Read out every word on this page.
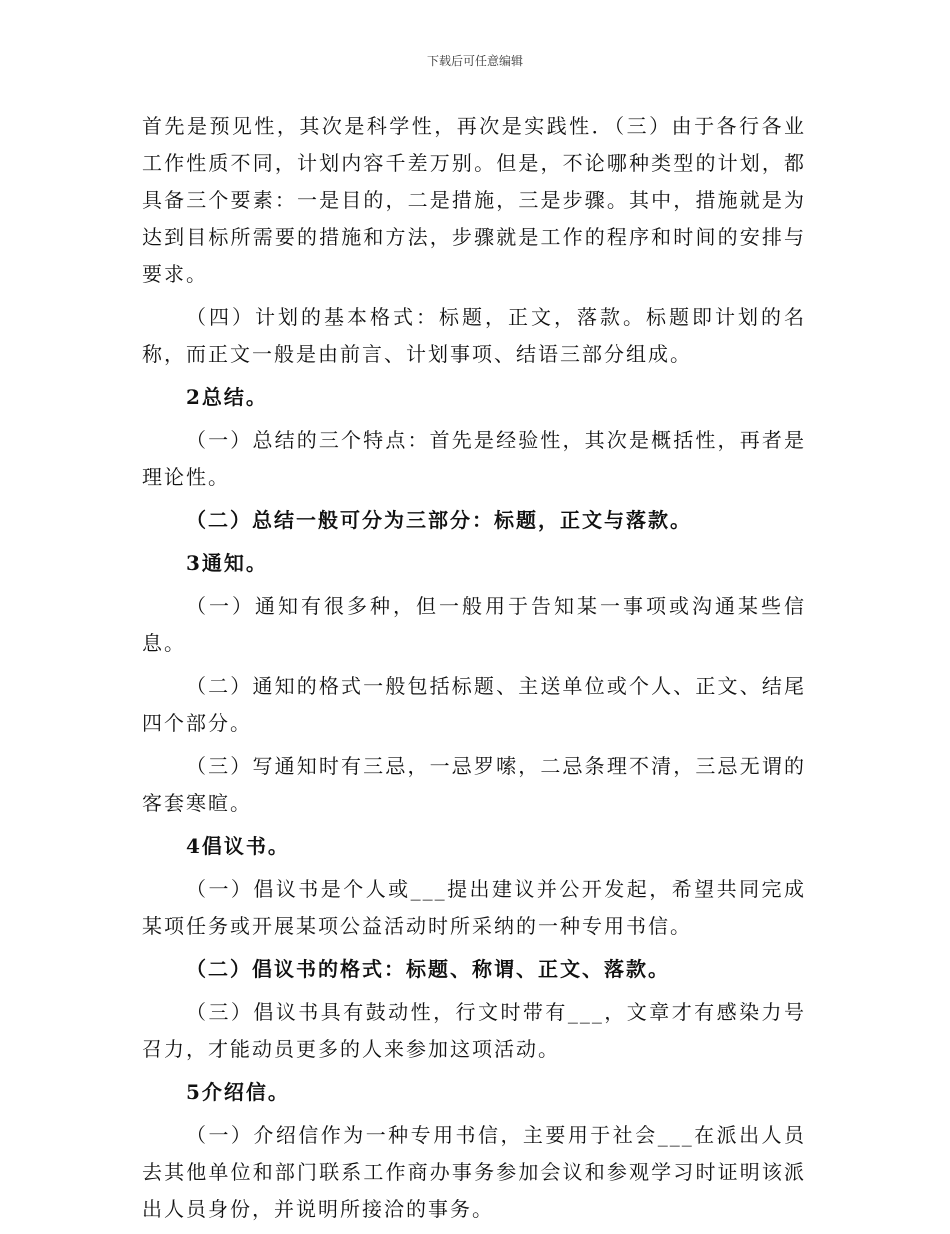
下载后可任意编辑

首先是预见性，其次是科学性，再次是实践性．（三）由于各行各业工作性质不同，计划内容千差万别。但是，不论哪种类型的计划，都具备三个要素：一是目的，二是措施，三是步骤。其中，措施就是为达到目标所需要的措施和方法，步骤就是工作的程序和时间的安排与要求。

（四）计划的基本格式：标题，正文，落款。标题即计划的名称，而正文一般是由前言、计划事项、结语三部分组成。

2总结。

（一）总结的三个特点：首先是经验性，其次是概括性，再者是理论性。

（二）总结一般可分为三部分：标题，正文与落款。

3通知。

（一）通知有很多种，但一般用于告知某一事项或沟通某些信息。

（二）通知的格式一般包括标题、主送单位或个人、正文、结尾四个部分。

（三）写通知时有三忌，一忌罗嗦，二忌条理不清，三忌无谓的客套寒暄。

4倡议书。

（一）倡议书是个人或___提出建议并公开发起，希望共同完成某项任务或开展某项公益活动时所采纳的一种专用书信。

（二）倡议书的格式：标题、称谓、正文、落款。

（三）倡议书具有鼓动性，行文时带有___，文章才有感染力号召力，才能动员更多的人来参加这项活动。

5介绍信。

（一）介绍信作为一种专用书信，主要用于社会___在派出人员去其他单位和部门联系工作商办事务参加会议和参观学习时证明该派出人员身份，并说明所接洽的事务。
